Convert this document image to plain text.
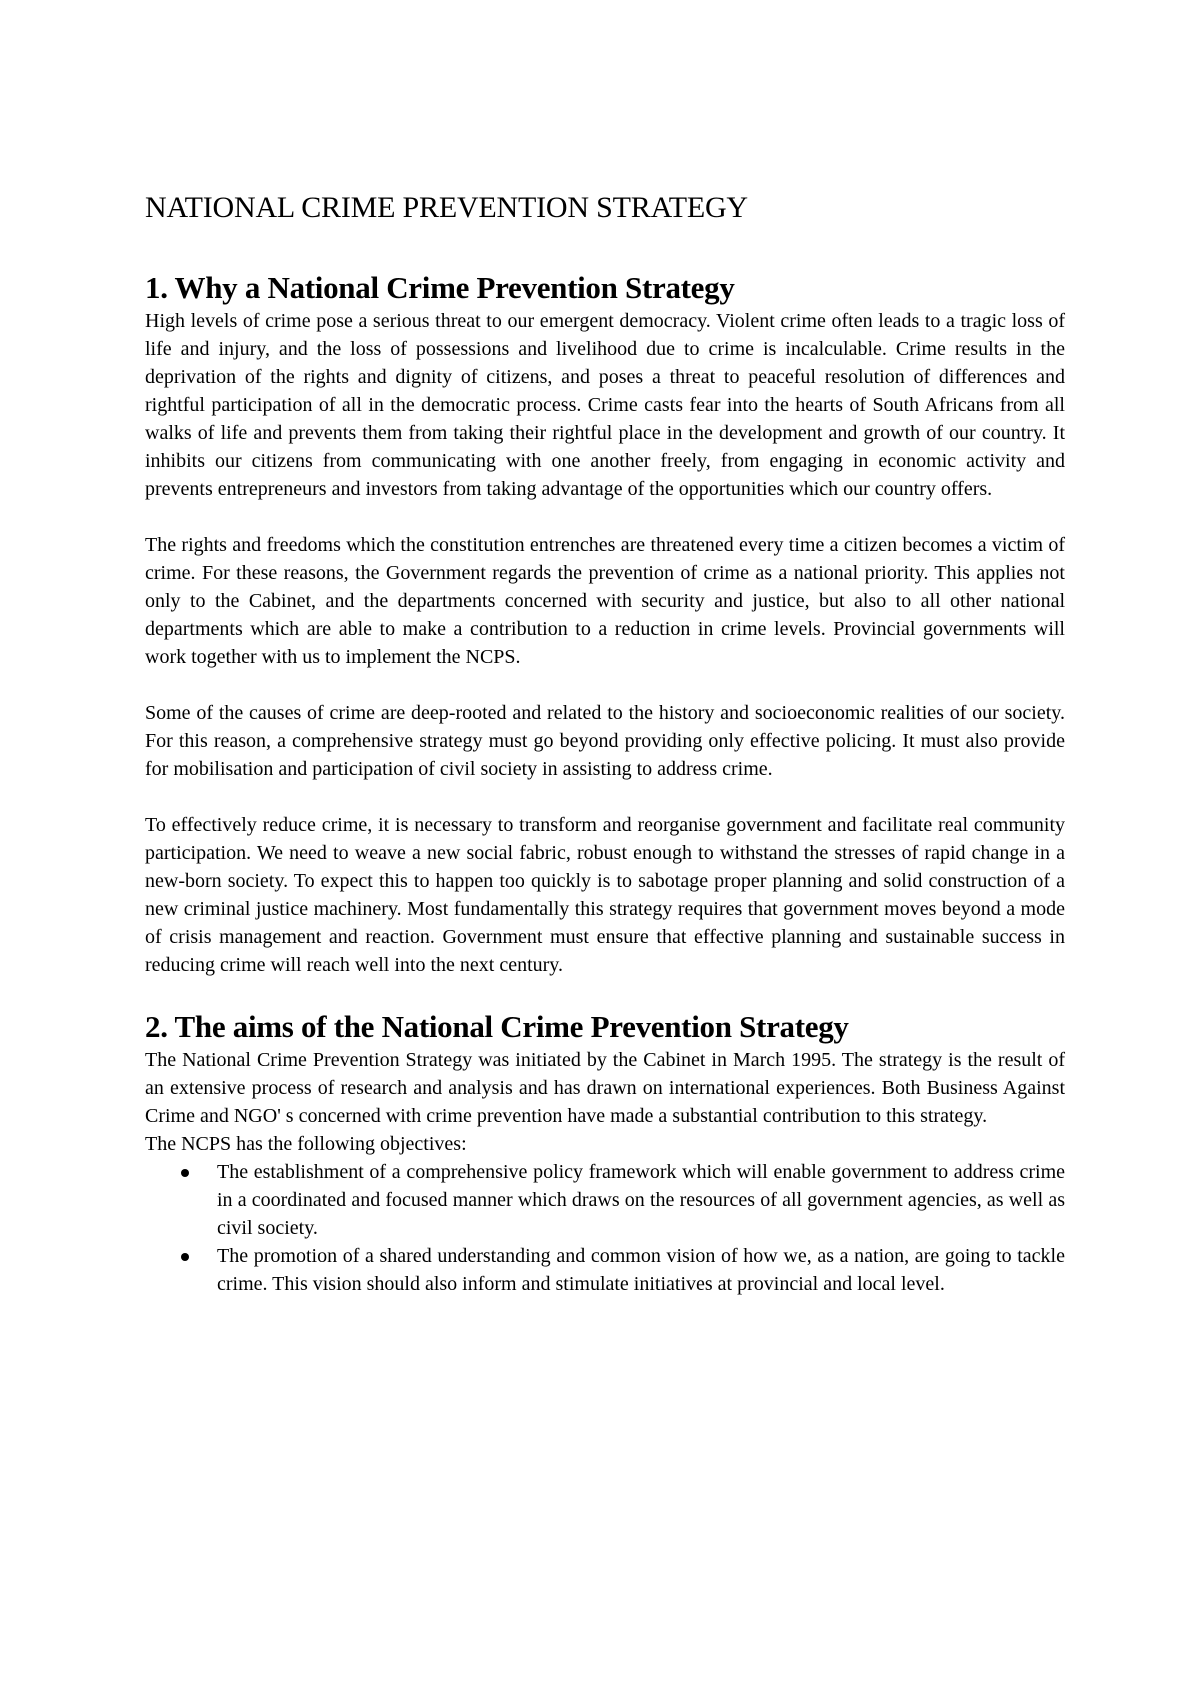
NATIONAL CRIME PREVENTION STRATEGY
1. Why a National Crime Prevention Strategy

High levels of crime pose a serious threat to our emergent democracy. Violent crime often leads to a tragic loss of life and injury, and the loss of possessions and livelihood due to crime is incalculable. Crime results in the deprivation of the rights and dignity of citizens, and poses a threat to peaceful resolution of differences and rightful participation of all in the democratic process. Crime casts fear into the hearts of South Africans from all walks of life and prevents them from taking their rightful place in the development and growth of our country. It inhibits our citizens from communicating with one another freely, from engaging in economic activity and prevents entrepreneurs and investors from taking advantage of the opportunities which our country offers.

The rights and freedoms which the constitution entrenches are threatened every time a citizen becomes a victim of crime. For these reasons, the Government regards the prevention of crime as a national priority. This applies not only to the Cabinet, and the departments concerned with security and justice, but also to all other national departments which are able to make a contribution to a reduction in crime levels. Provincial governments will work together with us to implement the NCPS.

Some of the causes of crime are deep-rooted and related to the history and socioeconomic realities of our society. For this reason, a comprehensive strategy must go beyond providing only effective policing. It must also provide for mobilisation and participation of civil society in assisting to address crime.

To effectively reduce crime, it is necessary to transform and reorganise government and facilitate real community participation. We need to weave a new social fabric, robust enough to withstand the stresses of rapid change in a new-born society. To expect this to happen too quickly is to sabotage proper planning and solid construction of a new criminal justice machinery. Most fundamentally this strategy requires that government moves beyond a mode of crisis management and reaction. Government must ensure that effective planning and sustainable success in reducing crime will reach well into the next century.

2. The aims of the National Crime Prevention Strategy

The National Crime Prevention Strategy was initiated by the Cabinet in March 1995. The strategy is the result of an extensive process of research and analysis and has drawn on international experiences. Both Business Against Crime and NGO' s concerned with crime prevention have made a substantial contribution to this strategy.

The NCPS has the following objectives:

The establishment of a comprehensive policy framework which will enable government to address crime in a coordinated and focused manner which draws on the resources of all government agencies, as well as civil society.
The promotion of a shared understanding and common vision of how we, as a nation, are going to tackle crime. This vision should also inform and stimulate initiatives at provincial and local level.
